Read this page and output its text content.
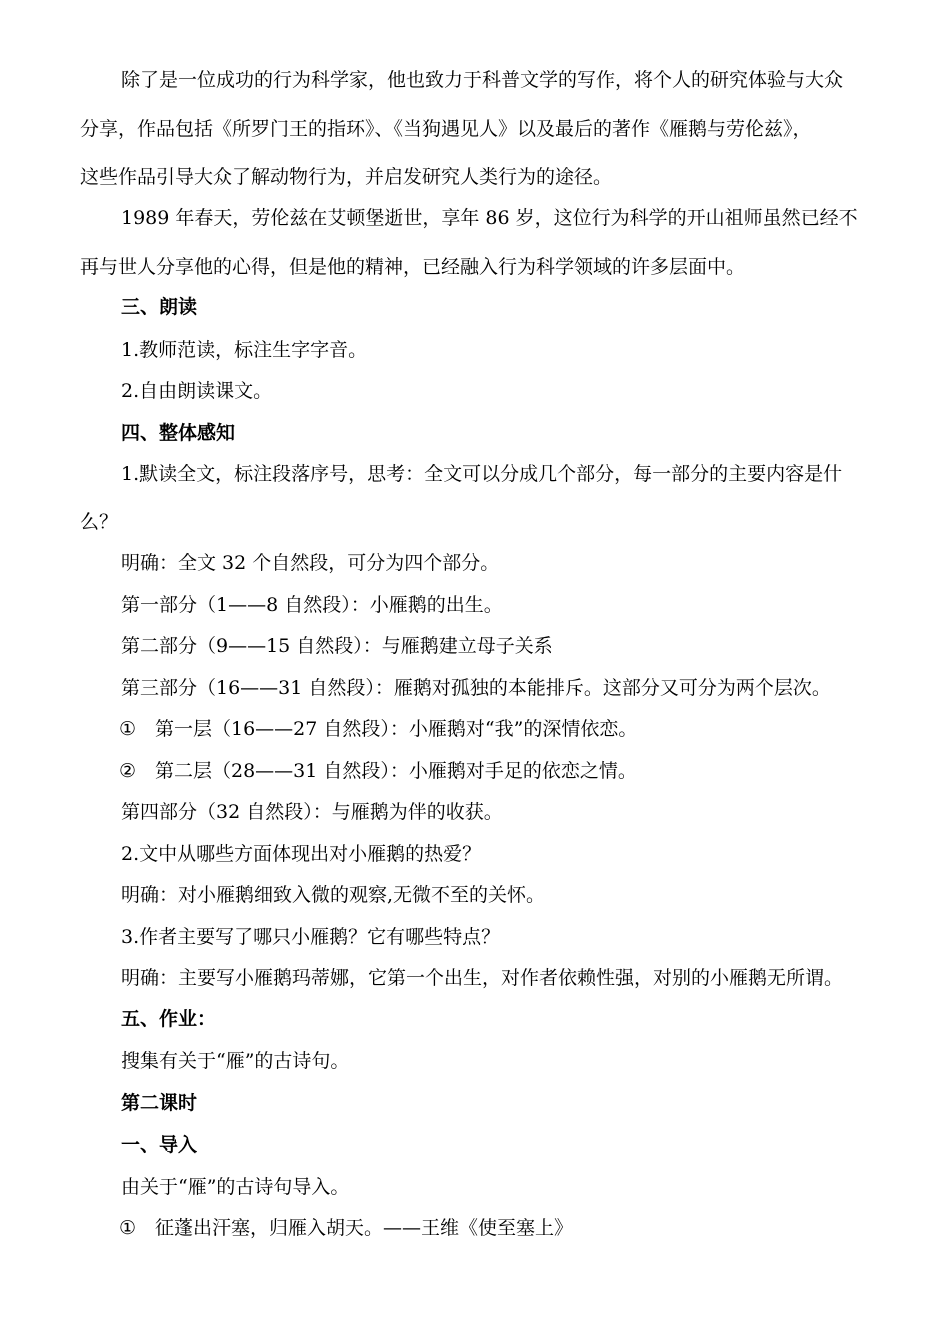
除了是一位成功的行为科学家，他也致力于科普文学的写作，将个人的研究体验与大众
分享，作品包括《所罗门王的指环》、《当狗遇见人》以及最后的著作《雁鹅与劳伦兹》，
这些作品引导大众了解动物行为，并启发研究人类行为的途径。
1989 年春天，劳伦兹在艾顿堡逝世，享年 86 岁，这位行为科学的开山祖师虽然已经不
再与世人分享他的心得，但是他的精神，已经融入行为科学领域的许多层面中。
三、朗读
1.教师范读，标注生字字音。
2.自由朗读课文。
四、整体感知
1.默读全文，标注段落序号，思考：全文可以分成几个部分，每一部分的主要内容是什
么？
明确：全文 32 个自然段，可分为四个部分。
第一部分（1——8 自然段）：小雁鹅的出生。
第二部分（9——15 自然段）：与雁鹅建立母子关系
第三部分（16——31 自然段）：雁鹅对孤独的本能排斥。这部分又可分为两个层次。
① 第一层（16——27 自然段）：小雁鹅对“我”的深情依恋。
② 第二层（28——31 自然段）：小雁鹅对手足的依恋之情。
第四部分（32 自然段）：与雁鹅为伴的收获。
2.文中从哪些方面体现出对小雁鹅的热爱？
明确：对小雁鹅细致入微的观察,无微不至的关怀。
3.作者主要写了哪只小雁鹅？它有哪些特点？
明确：主要写小雁鹅玛蒂娜，它第一个出生，对作者依赖性强，对别的小雁鹅无所谓。
五、作业：
搜集有关于“雁”的古诗句。
第二课时
一、导入
由关于“雁”的古诗句导入。
① 征蓬出汗塞，归雁入胡天。——王维《使至塞上》
